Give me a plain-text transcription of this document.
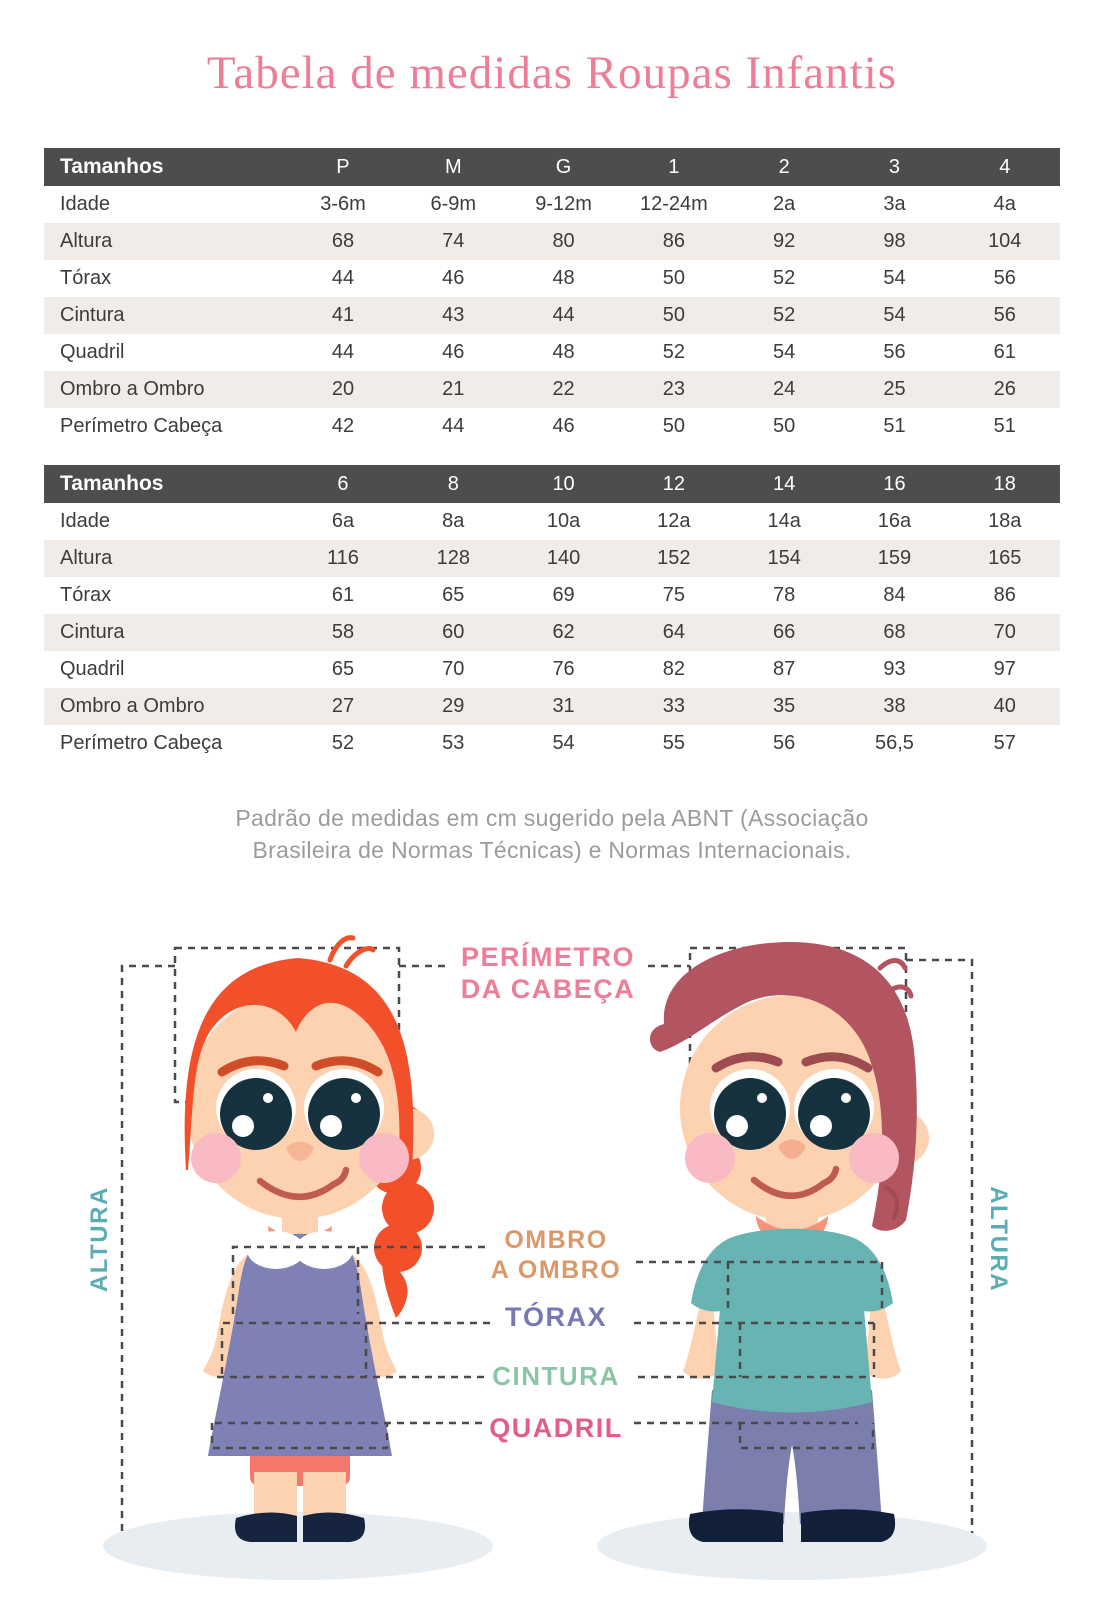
Tabela de medidas Roupas Infantis
Tamanhos	P	M	G	1	2	3	4
Idade	3-6m	6-9m	9-12m	12-24m	2a	3a	4a
Altura	68	74	80	86	92	98	104
Tórax	44	46	48	50	52	54	56
Cintura	41	43	44	50	52	54	56
Quadril	44	46	48	52	54	56	61
Ombro a Ombro	20	21	22	23	24	25	26
Perímetro Cabeça	42	44	46	50	50	51	51
Tamanhos	6	8	10	12	14	16	18
Idade	6a	8a	10a	12a	14a	16a	18a
Altura	116	128	140	152	154	159	165
Tórax	61	65	69	75	78	84	86
Cintura	58	60	62	64	66	68	70
Quadril	65	70	76	82	87	93	97
Ombro a Ombro	27	29	31	33	35	38	40
Perímetro Cabeça	52	53	54	55	56	56,5	57
Padrão de medidas em cm sugerido pela ABNT (Associação
Brasileira de Normas Técnicas) e Normas Internacionais.
PERÍMETRO
DA CABEÇA
OMBRO
A OMBRO
TÓRAX
CINTURA
QUADRIL
ALTURA	ALTURA
